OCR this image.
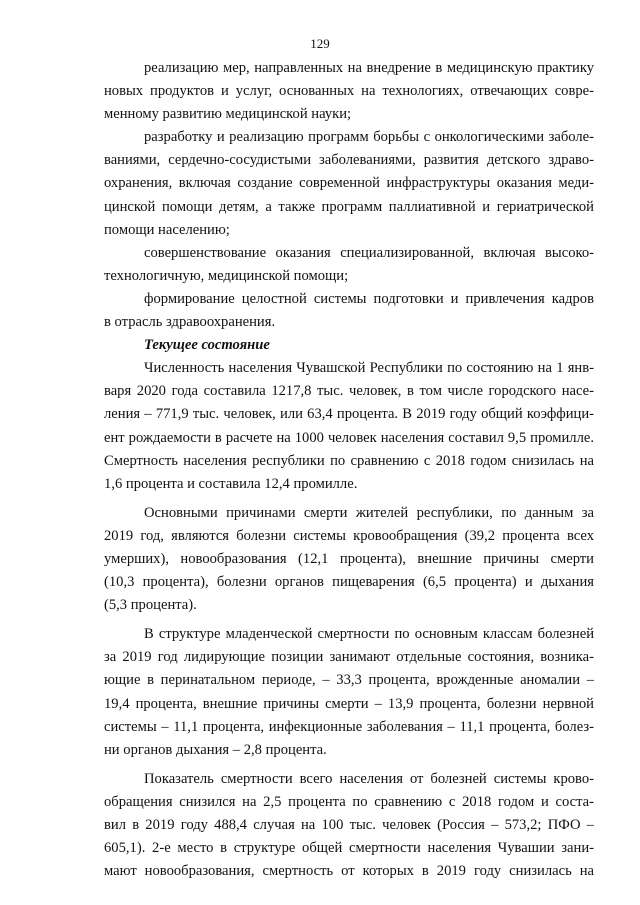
129
реализацию мер, направленных на внедрение в медицинскую практику
новых продуктов и услуг, основанных на технологиях, отвечающих совре-
менному развитию медицинской науки;
разработку и реализацию программ борьбы с онкологическими заболе-
ваниями, сердечно-сосудистыми заболеваниями, развития детского здраво-
охранения, включая создание современной инфраструктуры оказания меди-
цинской помощи детям, а также программ паллиативной и гериатрической
помощи населению;
совершенствование оказания специализированной, включая высоко-
технологичную, медицинской помощи;
формирование целостной системы подготовки и привлечения кадров
в отрасль здравоохранения.
Текущее состояние
Численность населения Чувашской Республики по состоянию на 1 янв-
варя 2020 года составила 1217,8 тыс. человек, в том числе городского насе-
ления – 771,9 тыс. человек, или 63,4 процента. В 2019 году общий коэффици-
ент рождаемости в расчете на 1000 человек населения составил 9,5 промилле.
Смертность населения республики по сравнению с 2018 годом снизилась на
1,6 процента и составила 12,4 промилле.
Основными причинами смерти жителей республики, по данным за
2019 год, являются болезни системы кровообращения (39,2 процента всех
умерших), новообразования (12,1 процента), внешние причины смерти
(10,3 процента), болезни органов пищеварения (6,5 процента) и дыхания
(5,3 процента).
В структуре младенческой смертности по основным классам болезней
за 2019 год лидирующие позиции занимают отдельные состояния, возника-
ющие в перинатальном периоде, – 33,3 процента, врожденные аномалии –
19,4 процента, внешние причины смерти – 13,9 процента, болезни нервной
системы – 11,1 процента, инфекционные заболевания – 11,1 процента, болез-
ни органов дыхания – 2,8 процента.
Показатель смертности всего населения от болезней системы крово-
обращения снизился на 2,5 процента по сравнению с 2018 годом и соста-
вил в 2019 году 488,4 случая на 100 тыс. человек (Россия – 573,2; ПФО –
605,1). 2-е место в структуре общей смертности населения Чувашии зани-
мают новообразования, смертность от которых в 2019 году снизилась на
